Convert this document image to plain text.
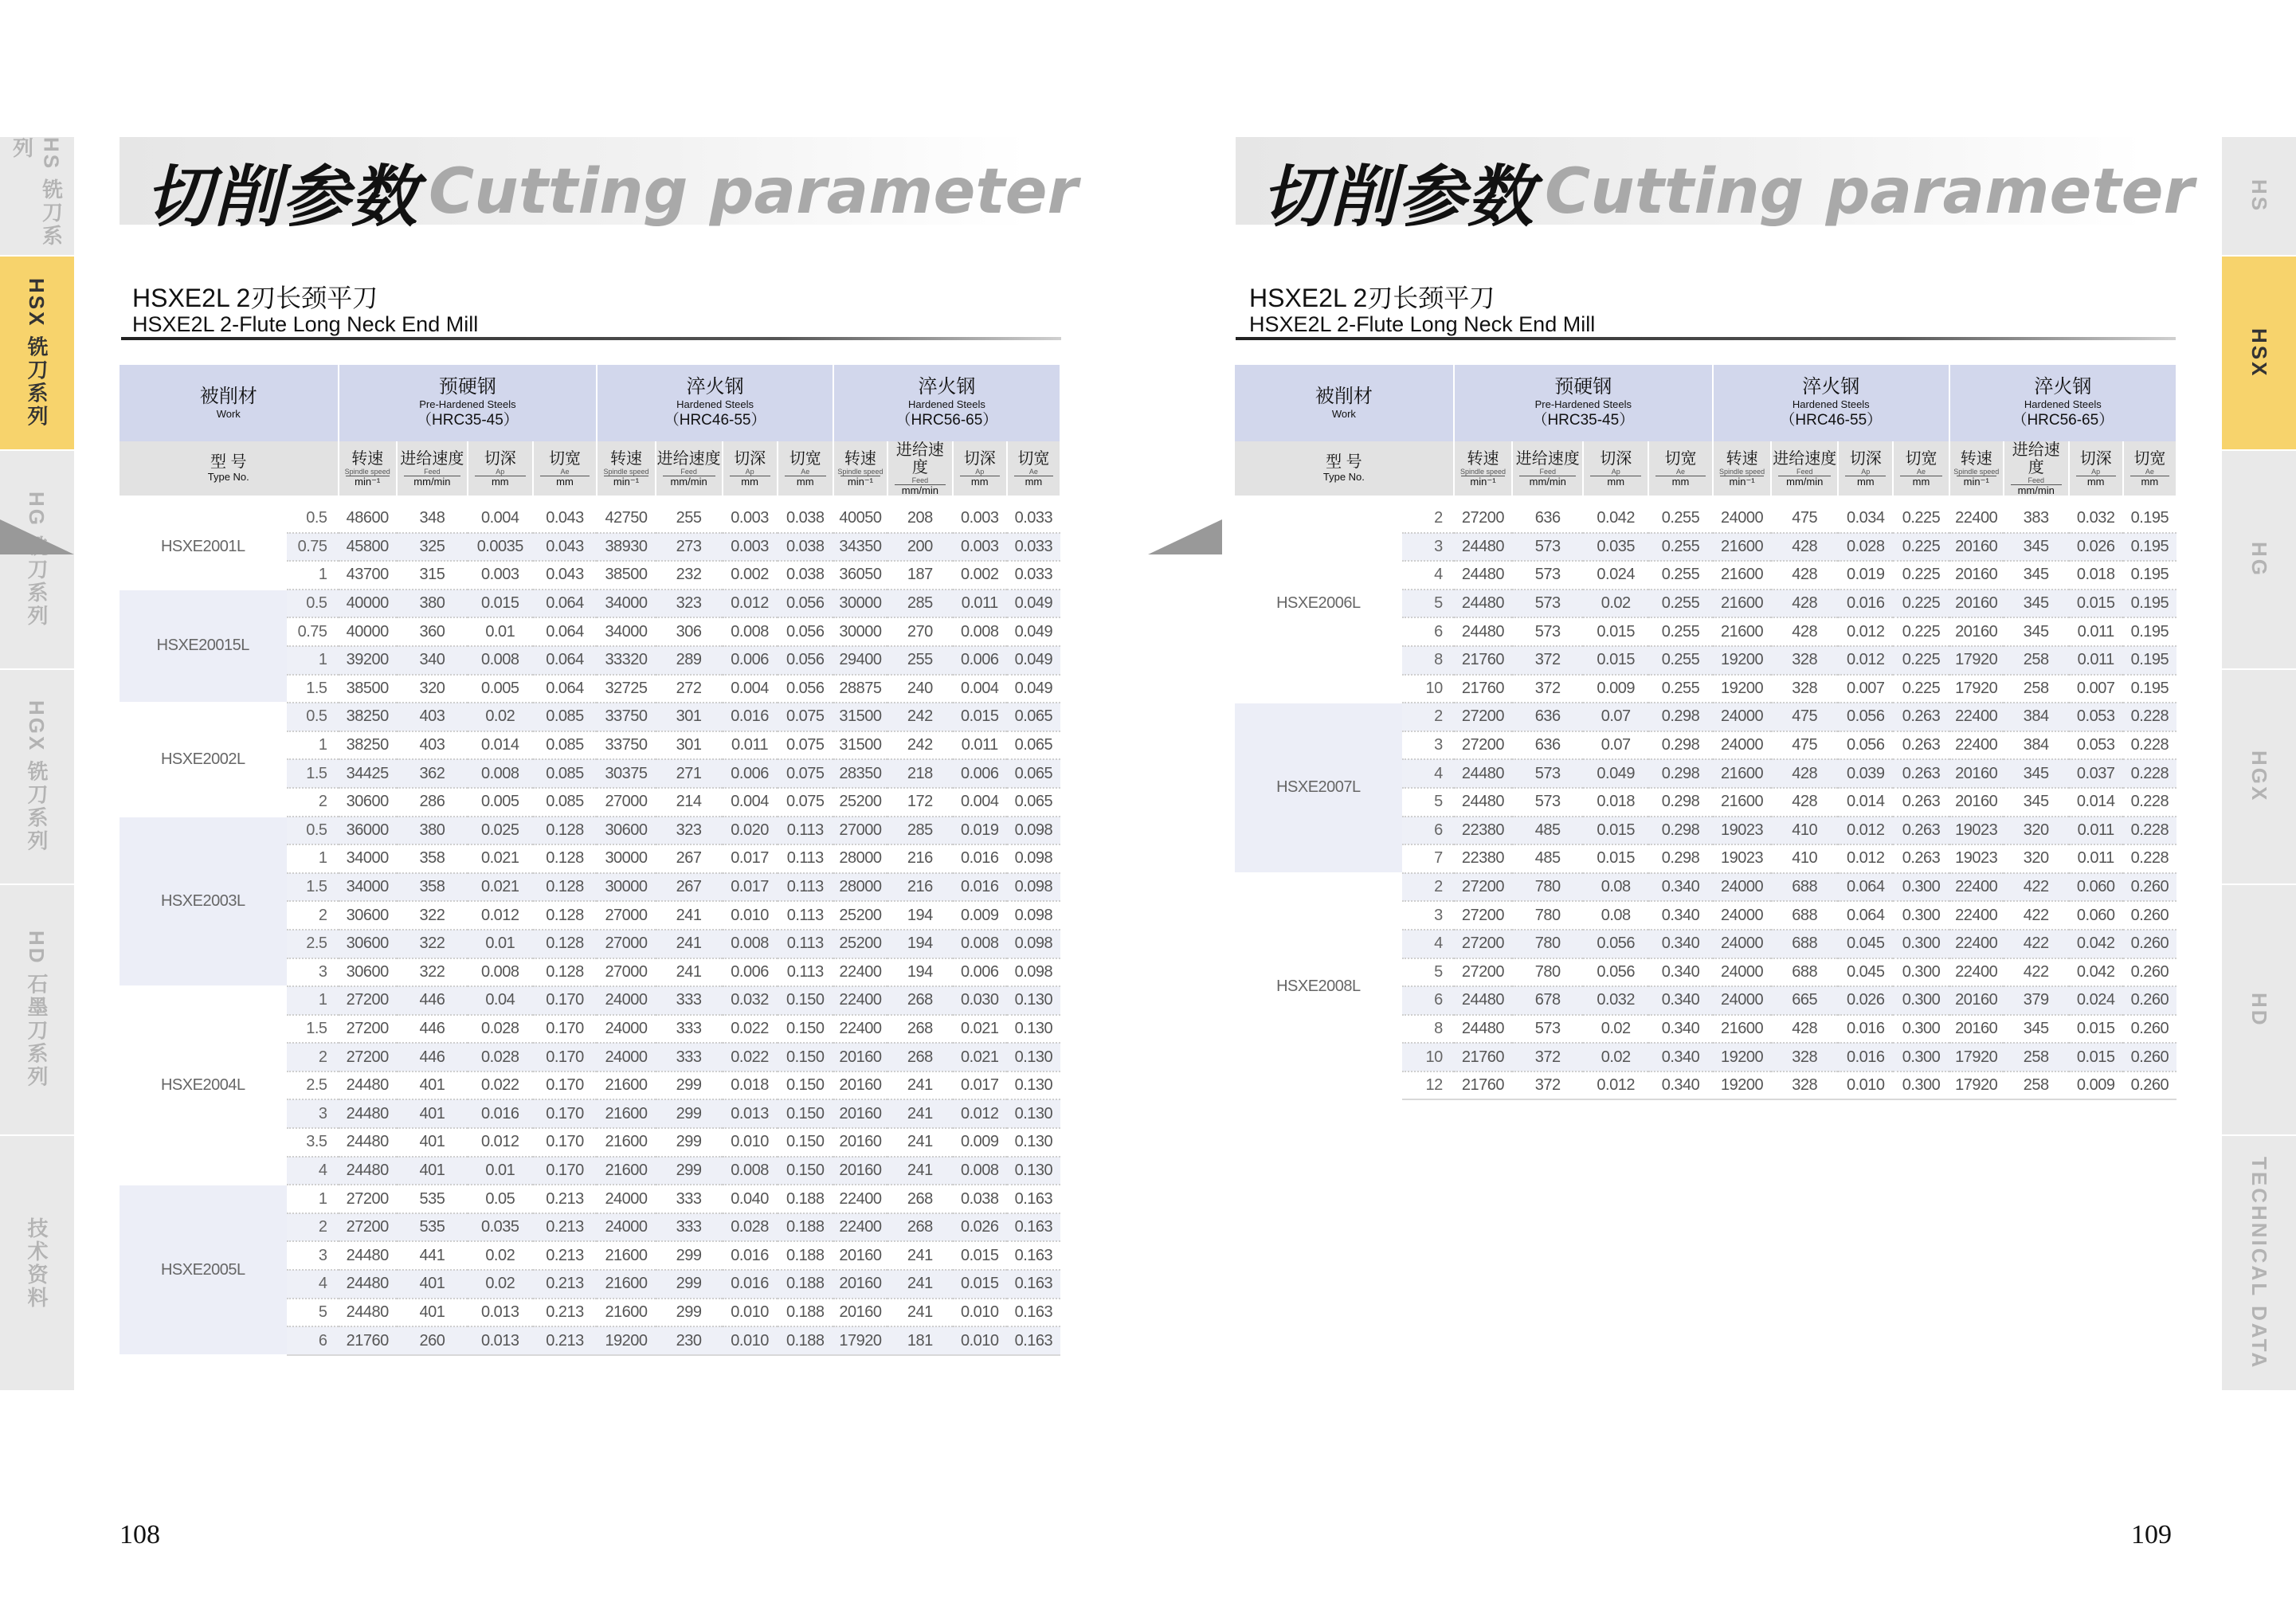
HS 铣刀系列
HSX 铣刀系列
HG 铣刀系列
HGX 铣刀系列
HD 石墨刀系列
技术资料
切削参数 Cutting parameter
HSXE2L 2刃长颈平刀
HSXE2L 2-Flute Long Neck End Mill
被削材
Work		预硬钢
Pre-Hardened Steels
（HRC35-45）				淬火钢
Hardened Steels
（HRC46-55）				淬火钢
Hardened Steels
（HRC56-65）			

型 号
Type No.		转速
Spindle speed
min⁻¹	进给速度
Feed
mm/min	切深
Ap
mm	切宽
Ae
mm	转速
Spindle speed
min⁻¹	进给速度
Feed
mm/min	切深
Ap
mm	切宽
Ae
mm	转速
Spindle speed
min⁻¹	进给速度
Feed
mm/min	切深
Ap
mm	切宽
Ae
mm

HSXE2001L	0.5	48600	348	0.004	0.043	42750	255	0.003	0.038	40050	208	0.003	0.033
	0.75	45800	325	0.0035	0.043	38930	273	0.003	0.038	34350	200	0.003	0.033
	1	43700	315	0.003	0.043	38500	232	0.002	0.038	36050	187	0.002	0.033
HSXE20015L	0.5	40000	380	0.015	0.064	34000	323	0.012	0.056	30000	285	0.011	0.049
	0.75	40000	360	0.01	0.064	34000	306	0.008	0.056	30000	270	0.008	0.049
	1	39200	340	0.008	0.064	33320	289	0.006	0.056	29400	255	0.006	0.049
	1.5	38500	320	0.005	0.064	32725	272	0.004	0.056	28875	240	0.004	0.049
HSXE2002L	0.5	38250	403	0.02	0.085	33750	301	0.016	0.075	31500	242	0.015	0.065
	1	38250	403	0.014	0.085	33750	301	0.011	0.075	31500	242	0.011	0.065
	1.5	34425	362	0.008	0.085	30375	271	0.006	0.075	28350	218	0.006	0.065
	2	30600	286	0.005	0.085	27000	214	0.004	0.075	25200	172	0.004	0.065
HSXE2003L	0.5	36000	380	0.025	0.128	30600	323	0.020	0.113	27000	285	0.019	0.098
	1	34000	358	0.021	0.128	30000	267	0.017	0.113	28000	216	0.016	0.098
	1.5	34000	358	0.021	0.128	30000	267	0.017	0.113	28000	216	0.016	0.098
	2	30600	322	0.012	0.128	27000	241	0.010	0.113	25200	194	0.009	0.098
	2.5	30600	322	0.01	0.128	27000	241	0.008	0.113	25200	194	0.008	0.098
	3	30600	322	0.008	0.128	27000	241	0.006	0.113	22400	194	0.006	0.098
HSXE2004L	1	27200	446	0.04	0.170	24000	333	0.032	0.150	22400	268	0.030	0.130
	1.5	27200	446	0.028	0.170	24000	333	0.022	0.150	22400	268	0.021	0.130
	2	27200	446	0.028	0.170	24000	333	0.022	0.150	20160	268	0.021	0.130
	2.5	24480	401	0.022	0.170	21600	299	0.018	0.150	20160	241	0.017	0.130
	3	24480	401	0.016	0.170	21600	299	0.013	0.150	20160	241	0.012	0.130
	3.5	24480	401	0.012	0.170	21600	299	0.010	0.150	20160	241	0.009	0.130
	4	24480	401	0.01	0.170	21600	299	0.008	0.150	20160	241	0.008	0.130
HSXE2005L	1	27200	535	0.05	0.213	24000	333	0.040	0.188	22400	268	0.038	0.163
	2	27200	535	0.035	0.213	24000	333	0.028	0.188	22400	268	0.026	0.163
	3	24480	441	0.02	0.213	21600	299	0.016	0.188	20160	241	0.015	0.163
	4	24480	401	0.02	0.213	21600	299	0.016	0.188	20160	241	0.015	0.163
	5	24480	401	0.013	0.213	21600	299	0.010	0.188	20160	241	0.010	0.163
	6	21760	260	0.013	0.213	19200	230	0.010	0.188	17920	181	0.010	0.163
108
HS
HSX
HG
HGX
HD
TECHNICAL DATA
切削参数 Cutting parameter
HSXE2L 2刃长颈平刀
HSXE2L 2-Flute Long Neck End Mill
被削材
Work		预硬钢
Pre-Hardened Steels
（HRC35-45）				淬火钢
Hardened Steels
（HRC46-55）				淬火钢
Hardened Steels
（HRC56-65）			

型 号
Type No.		转速
Spindle speed
min⁻¹	进给速度
Feed
mm/min	切深
Ap
mm	切宽
Ae
mm	转速
Spindle speed
min⁻¹	进给速度
Feed
mm/min	切深
Ap
mm	切宽
Ae
mm	转速
Spindle speed
min⁻¹	进给速度
Feed
mm/min	切深
Ap
mm	切宽
Ae
mm

HSXE2006L	2	27200	636	0.042	0.255	24000	475	0.034	0.225	22400	383	0.032	0.195
	3	24480	573	0.035	0.255	21600	428	0.028	0.225	20160	345	0.026	0.195
	4	24480	573	0.024	0.255	21600	428	0.019	0.225	20160	345	0.018	0.195
	5	24480	573	0.02	0.255	21600	428	0.016	0.225	20160	345	0.015	0.195
	6	24480	573	0.015	0.255	21600	428	0.012	0.225	20160	345	0.011	0.195
	8	21760	372	0.015	0.255	19200	328	0.012	0.225	17920	258	0.011	0.195
	10	21760	372	0.009	0.255	19200	328	0.007	0.225	17920	258	0.007	0.195
HSXE2007L	2	27200	636	0.07	0.298	24000	475	0.056	0.263	22400	384	0.053	0.228
	3	27200	636	0.07	0.298	24000	475	0.056	0.263	22400	384	0.053	0.228
	4	24480	573	0.049	0.298	21600	428	0.039	0.263	20160	345	0.037	0.228
	5	24480	573	0.018	0.298	21600	428	0.014	0.263	20160	345	0.014	0.228
	6	22380	485	0.015	0.298	19023	410	0.012	0.263	19023	320	0.011	0.228
	7	22380	485	0.015	0.298	19023	410	0.012	0.263	19023	320	0.011	0.228
HSXE2008L	2	27200	780	0.08	0.340	24000	688	0.064	0.300	22400	422	0.060	0.260
	3	27200	780	0.08	0.340	24000	688	0.064	0.300	22400	422	0.060	0.260
	4	27200	780	0.056	0.340	24000	688	0.045	0.300	22400	422	0.042	0.260
	5	27200	780	0.056	0.340	24000	688	0.045	0.300	22400	422	0.042	0.260
	6	24480	678	0.032	0.340	24000	665	0.026	0.300	20160	379	0.024	0.260
	8	24480	573	0.02	0.340	21600	428	0.016	0.300	20160	345	0.015	0.260
	10	21760	372	0.02	0.340	19200	328	0.016	0.300	17920	258	0.015	0.260
	12	21760	372	0.012	0.340	19200	328	0.010	0.300	17920	258	0.009	0.260
109
